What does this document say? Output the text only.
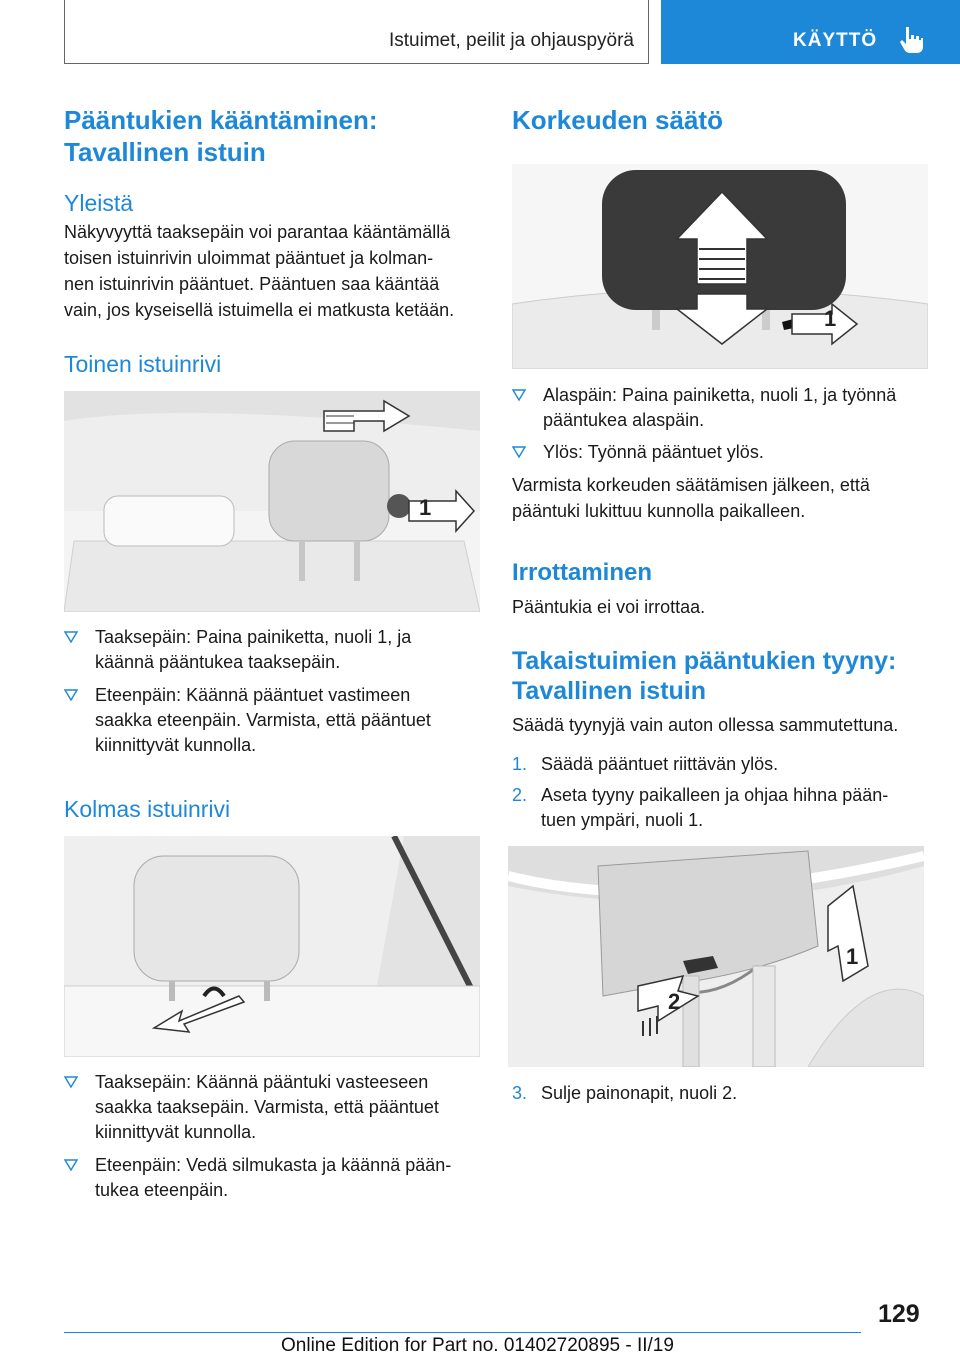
Istuimet, peilit ja ohjauspyörä	KÄYTTÖ
Pääntukien kääntäminen:
Tavallinen istuin
Yleistä
Näkyvyyttä taaksepäin voi parantaa kääntämällä
toisen istuinrivin uloimmat pääntuet ja kolman-
nen istuinrivin pääntuet. Pääntuen saa kääntää
vain, jos kyseisellä istuimella ei matkusta ketään.
Toinen istuinrivi
1
Taaksepäin: Paina painiketta, nuoli 1, ja
käännä pääntukea taaksepäin.
Eteenpäin: Käännä pääntuet vastimeen
saakka eteenpäin. Varmista, että pääntuet
kiinnittyvät kunnolla.
Kolmas istuinrivi
Taaksepäin: Käännä pääntuki vasteeseen
saakka taaksepäin. Varmista, että pääntuet
kiinnittyvät kunnolla.
Eteenpäin: Vedä silmukasta ja käännä pään-
tukea eteenpäin.
Korkeuden säätö
1
Alaspäin: Paina painiketta, nuoli 1, ja työnnä
pääntukea alaspäin.
Ylös: Työnnä pääntuet ylös.
Varmista korkeuden säätämisen jälkeen, että
pääntuki lukittuu kunnolla paikalleen.
Irrottaminen
Pääntukia ei voi irrottaa.
Takaistuimien pääntukien tyyny:
Tavallinen istuin
Säädä tyynyjä vain auton ollessa sammutettuna.
1. Säädä pääntuet riittävän ylös.
2. Aseta tyyny paikalleen ja ohjaa hihna pään-
tuen ympäri, nuoli 1.
1
2
3. Sulje painonapit, nuoli 2.
129
Online Edition for Part no. 01402720895 - II/19
